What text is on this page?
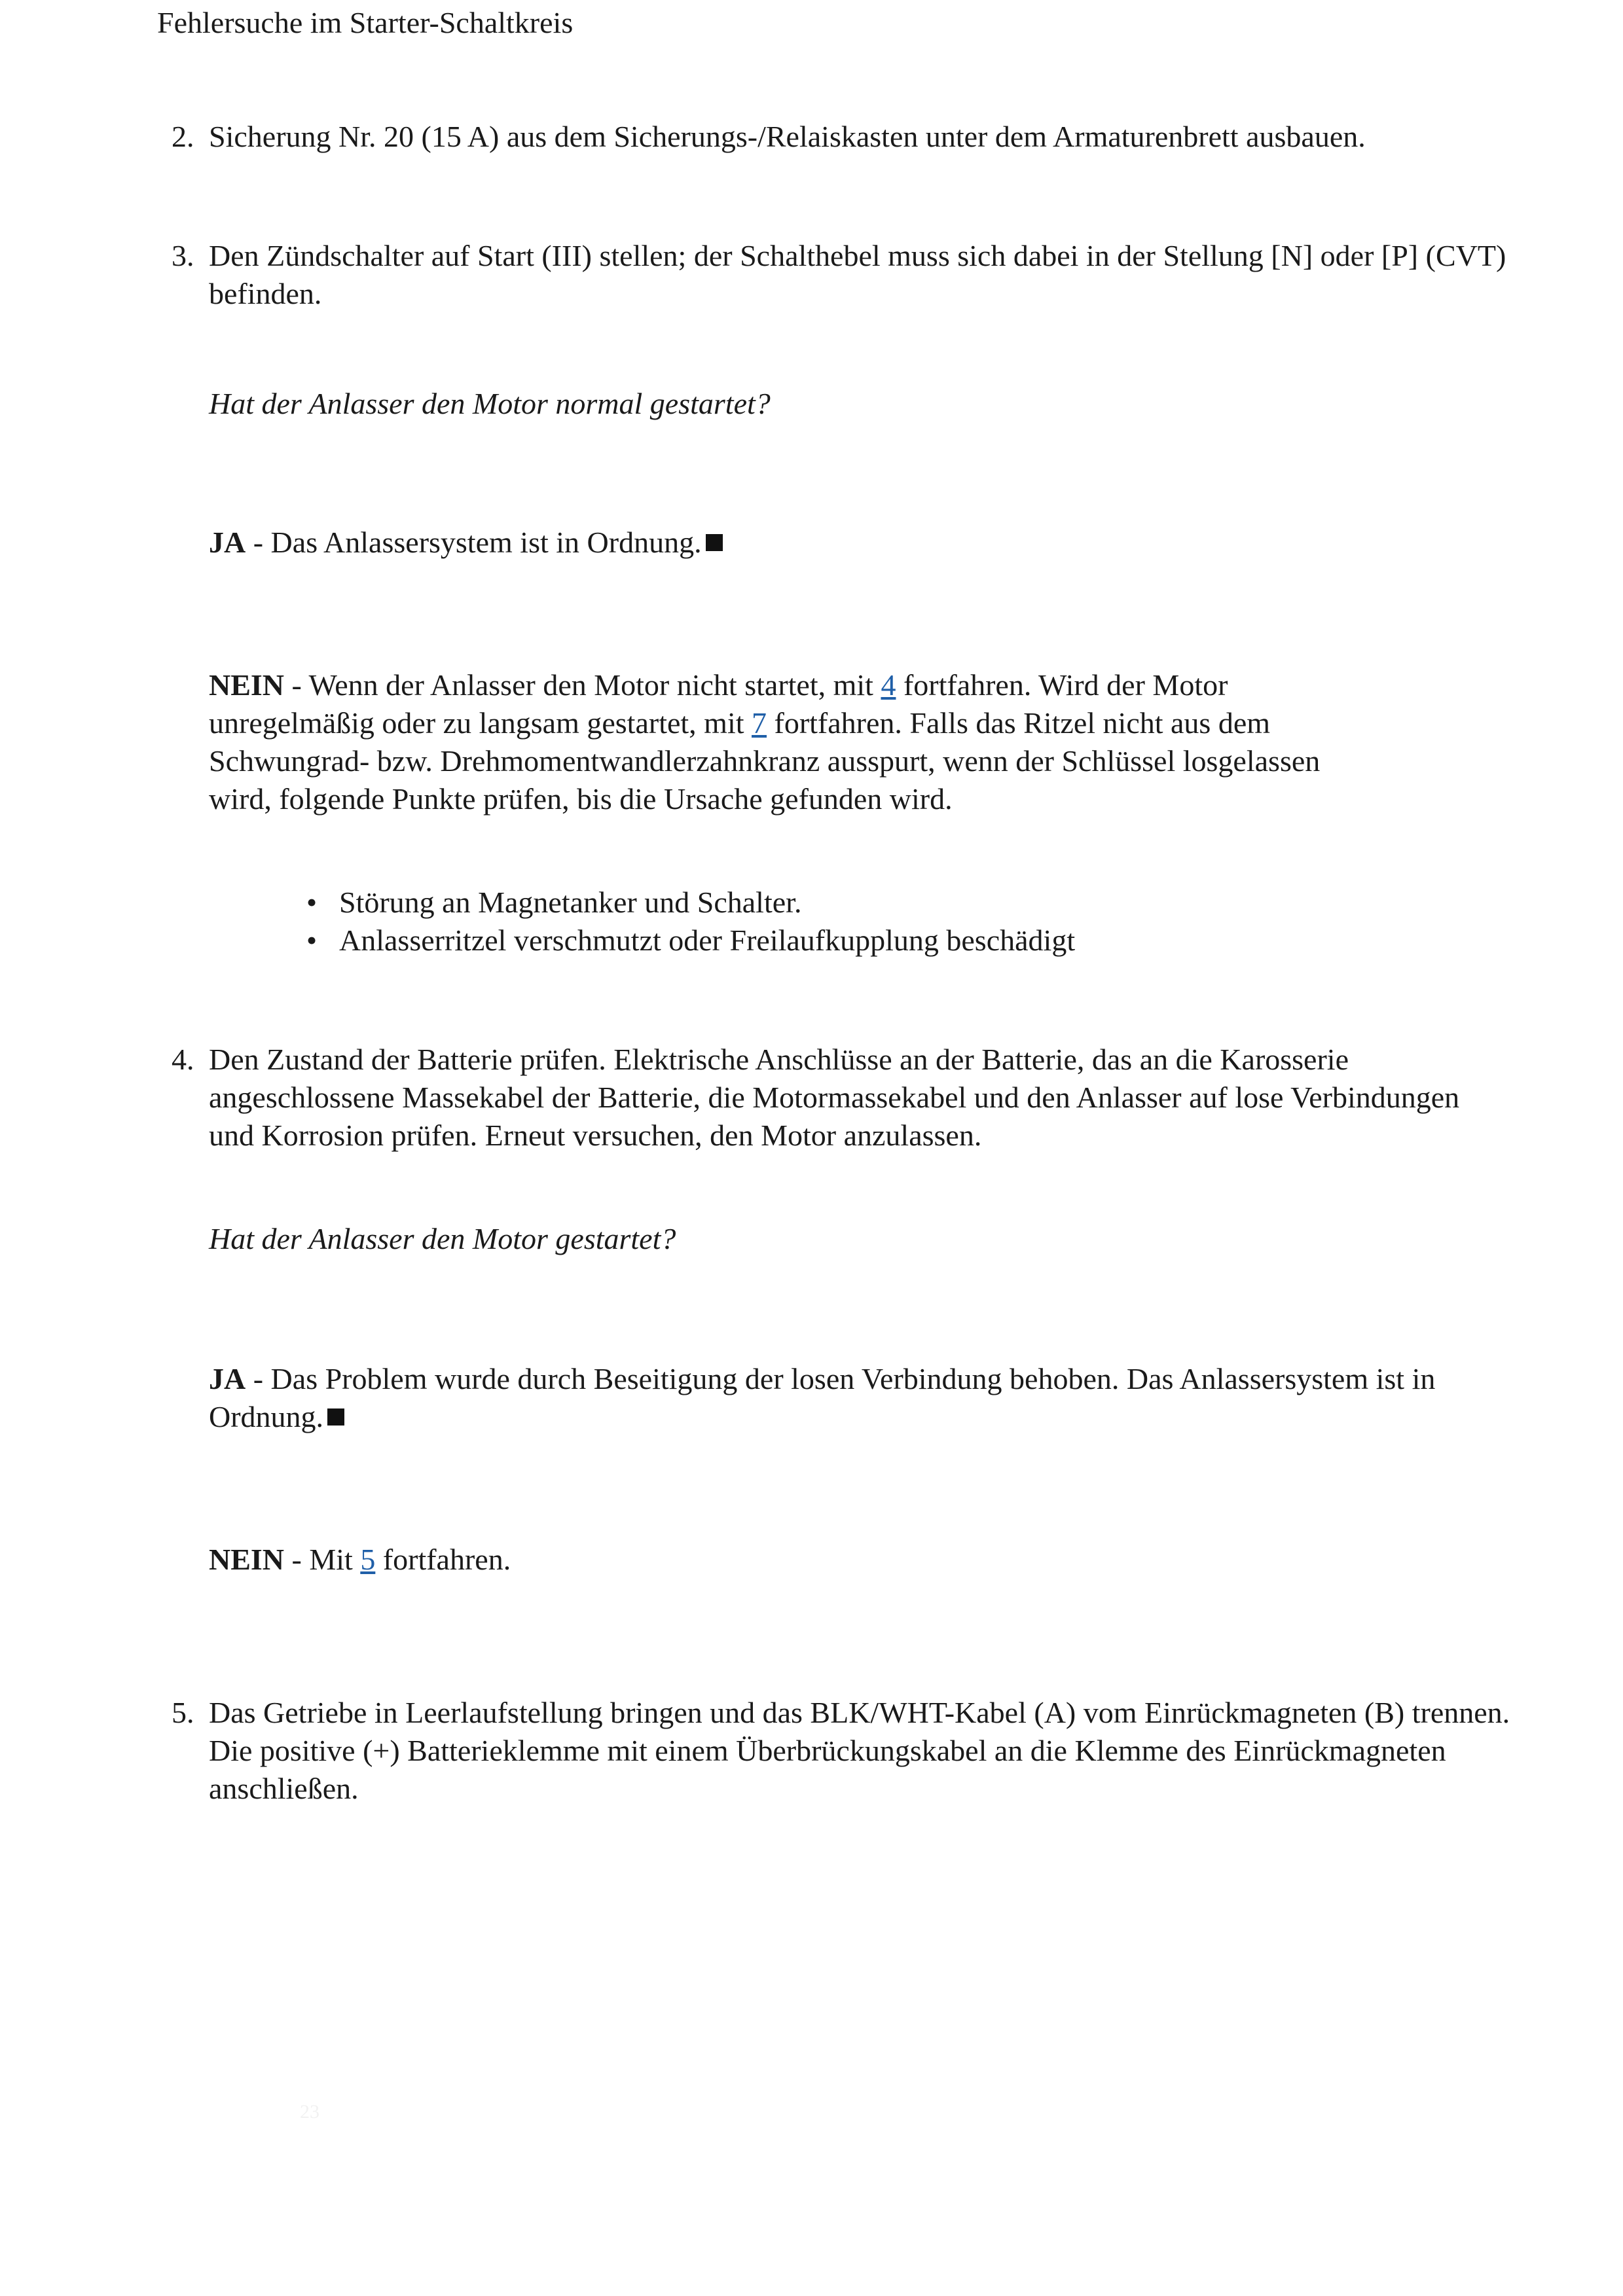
Fehlersuche im Starter-Schaltkreis
2. Sicherung Nr. 20 (15 A) aus dem Sicherungs-/Relaiskasten unter dem Armaturenbrett ausbauen.
3. Den Zündschalter auf Start (III) stellen; der Schalthebel muss sich dabei in der Stellung [N] oder [P] (CVT) befinden.
Hat der Anlasser den Motor normal gestartet?
JA - Das Anlassersystem ist in Ordnung.
NEIN - Wenn der Anlasser den Motor nicht startet, mit 4 fortfahren. Wird der Motor unregelmäßig oder zu langsam gestartet, mit 7 fortfahren. Falls das Ritzel nicht aus dem Schwungrad- bzw. Drehmomentwandlerzahnkranz ausspurt, wenn der Schlüssel losgelassen wird, folgende Punkte prüfen, bis die Ursache gefunden wird.
• Störung an Magnetanker und Schalter.
• Anlasserritzel verschmutzt oder Freilaufkupplung beschädigt
4. Den Zustand der Batterie prüfen. Elektrische Anschlüsse an der Batterie, das an die Karosserie angeschlossene Massekabel der Batterie, die Motormassekabel und den Anlasser auf lose Verbindungen und Korrosion prüfen. Erneut versuchen, den Motor anzulassen.
Hat der Anlasser den Motor gestartet?
JA - Das Problem wurde durch Beseitigung der losen Verbindung behoben. Das Anlassersystem ist in Ordnung.
NEIN - Mit 5 fortfahren.
5. Das Getriebe in Leerlaufstellung bringen und das BLK/WHT-Kabel (A) vom Einrückmagneten (B) trennen. Die positive (+) Batterieklemme mit einem Überbrückungskabel an die Klemme des Einrückmagneten anschließen.
23
